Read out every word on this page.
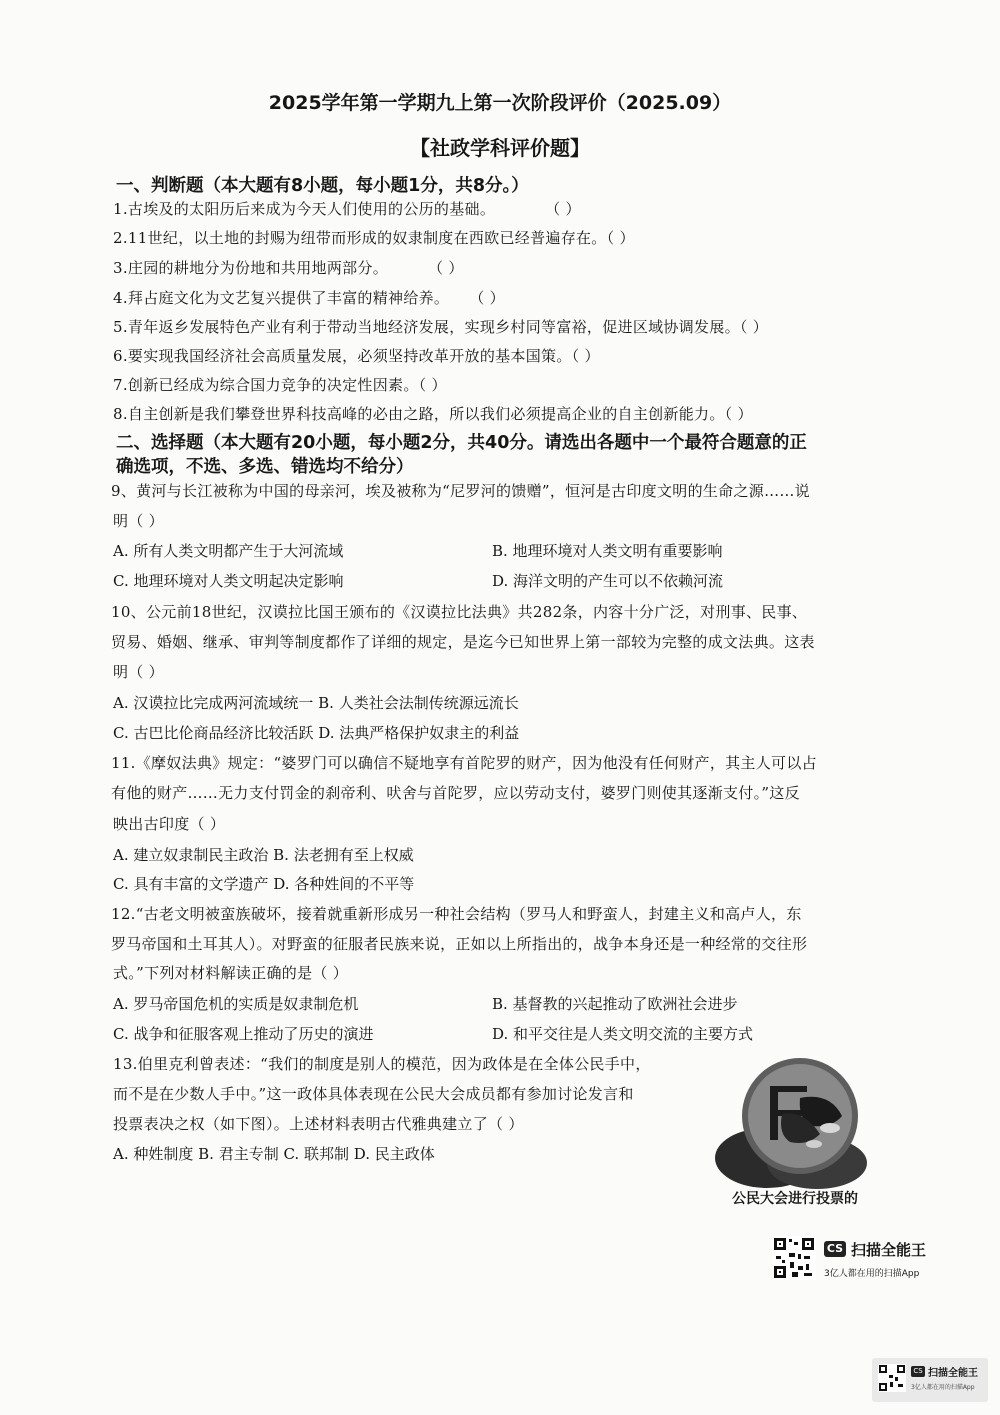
2025学年第一学期九上第一次阶段评价（2025.09）
【社政学科评价题】
一、判断题（本大题有8小题，每小题1分，共8分。）
1.古埃及的太阳历后来成为今天人们使用的公历的基础。	（ ）
2.11世纪，以土地的封赐为纽带而形成的奴隶制度在西欧已经普遍存在。（ ）
3.庄园的耕地分为份地和共用地两部分。	（ ）
4.拜占庭文化为文艺复兴提供了丰富的精神给养。 （ ）
5.青年返乡发展特色产业有利于带动当地经济发展，实现乡村同等富裕，促进区域协调发展。（ ）
6.要实现我国经济社会高质量发展，必须坚持改革开放的基本国策。（ ）
7.创新已经成为综合国力竞争的决定性因素。（ ）
8.自主创新是我们攀登世界科技高峰的必由之路，所以我们必须提高企业的自主创新能力。（ ）
二、选择题（本大题有20小题，每小题2分，共40分。请选出各题中一个最符合题意的正
确选项，不选、多选、错选均不给分）
9、黄河与长江被称为中国的母亲河，埃及被称为“尼罗河的馈赠”，恒河是古印度文明的生命之源……说
明（ ）
A. 所有人类文明都产生于大河流域	B. 地理环境对人类文明有重要影响
C. 地理环境对人类文明起决定影响	D. 海洋文明的产生可以不依赖河流
10、公元前18世纪，汉谟拉比国王颁布的《汉谟拉比法典》共282条，内容十分广泛，对刑事、民事、
贸易、婚姻、继承、审判等制度都作了详细的规定，是迄今已知世界上第一部较为完整的成文法典。这表
明（ ）
A. 汉谟拉比完成两河流域统一 B. 人类社会法制传统源远流长
C. 古巴比伦商品经济比较活跃 D. 法典严格保护奴隶主的利益
11.《摩奴法典》规定：“婆罗门可以确信不疑地享有首陀罗的财产，因为他没有任何财产，其主人可以占
有他的财产……无力支付罚金的刹帝利、吠舍与首陀罗，应以劳动支付，婆罗门则使其逐渐支付。”这反
映出古印度（ ）
A. 建立奴隶制民主政治 B. 法老拥有至上权威
C. 具有丰富的文学遗产 D. 各种姓间的不平等
12.“古老文明被蛮族破坏，接着就重新形成另一种社会结构（罗马人和野蛮人，封建主义和高卢人，东
罗马帝国和土耳其人）。对野蛮的征服者民族来说，正如以上所指出的，战争本身还是一种经常的交往形
式。”下列对材料解读正确的是（ ）
A. 罗马帝国危机的实质是奴隶制危机	B. 基督教的兴起推动了欧洲社会进步
C. 战争和征服客观上推动了历史的演进	D. 和平交往是人类文明交流的主要方式
13.伯里克利曾表述：“我们的制度是别人的模范，因为政体是在全体公民手中，
而不是在少数人手中。”这一政体具体表现在公民大会成员都有参加讨论发言和
投票表决之权（如下图）。上述材料表明古代雅典建立了（ ）
A. 种姓制度 B. 君主专制 C. 联邦制 D. 民主政体
公民大会进行投票的
CS 扫描全能王
3亿人都在用的扫描App
CS 扫描全能王
3亿人都在用的扫描App
